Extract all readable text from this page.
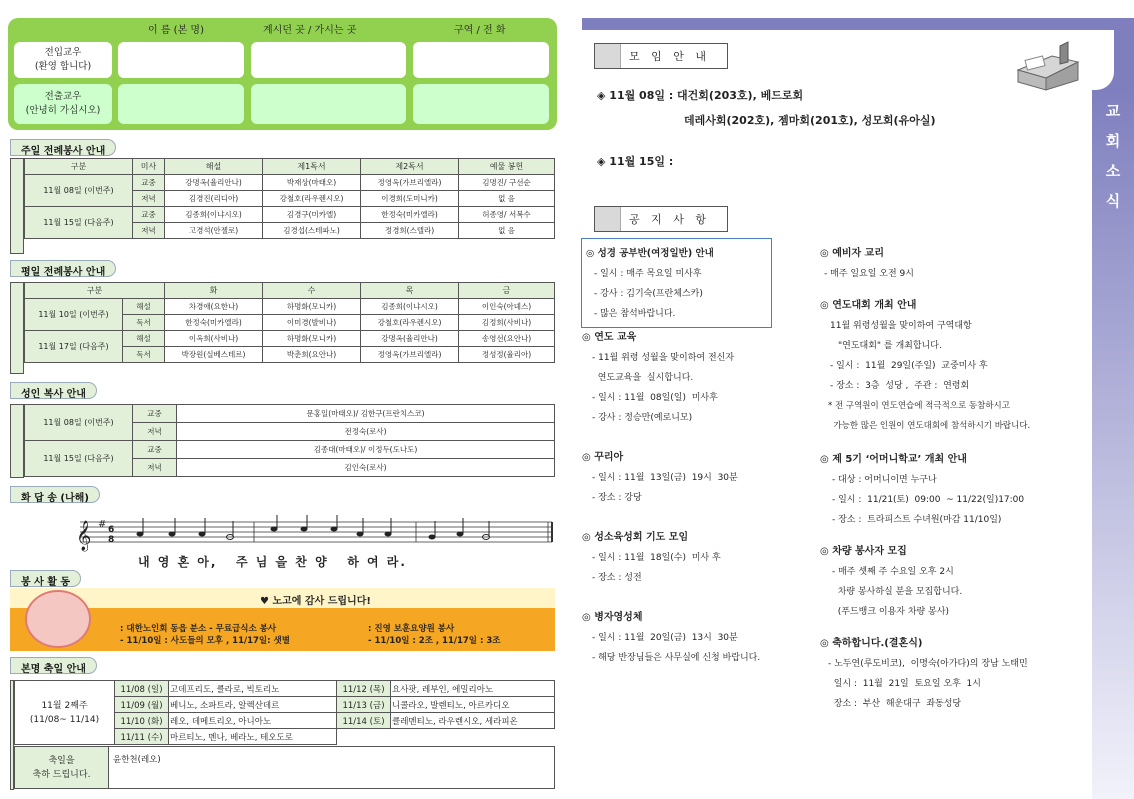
이 름 (본 명)	계시던 곳 / 가시는 곳	구역 / 전 화
전입교우
(환영 합니다)
전출교우
(안녕히 가십시오)
주일 전례봉사 안내
구분	미사	해설	제1독서	제2독서	예물 봉헌
11월 08일 (이번주)	교중	강명옥(율리안나)	박재상(마태오)	정영옥(가브리엘라)	김명진/ 구선순
	저녁	김경진(리디아)	강철호(라우렌시오)	이경희(도미니카)	없 음
11월 15일 (다음주)	교중	김종희(이냐시오)	김경구(미카엘)	한정숙(미카엘라)	허종영/ 서복수
	저녁	고경석(안젤로)	김경섭(스테파노)	정경희(스텔라)	없 음
평일 전례봉사 안내
구분		화	수	목	금
11월 10일 (이번주)	해설	차경애(요한나)	하명화(모니카)	김종희(이냐시오)	이인숙(아녜스)
	독서	한정숙(미카엘라)	이미경(발비나)	강철호(라우렌시오)	김정희(사비나)
11월 17일 (다음주)	해설	이옥희(사비나)	하명화(모니카)	강명옥(율리안나)	송영선(요안나)
	독서	박장원(실베스테르)	박춘희(요안나)	정영옥(가브리엘라)	정성정(율리아)
성인 복사 안내
11월 08일 (이번주)	교중	문홍일(마태오)/ 김한구(프란치스코)
	저녁	전정숙(로사)
11월 15일 (다음주)	교중	김종대(마태오)/ 이정두(도나도)
	저녁	김인숙(로사)
화 답 송 (나해)
𝄞 # 6
8
내 영 혼 아,   주 님 을 찬 양   하 여 라.
봉 사 활 동
♥ 노고에 감사 드립니다!
: 대한노인회 동읍 분소 - 무료급식소 봉사
- 11/10일 : 사도들의 모후 , 11/17일: 샛별
: 진영 보훈요양원 봉사
- 11/10일 : 2조 , 11/17일 : 3조
본명 축일 안내
11월 2째주
(11/08~ 11/14)	11/08 (일)	고데프리도, 클라로, 빅토리노	11/12 (목)	요사팟, 레부인, 에밀리아노
	11/09 (월)	베니노, 소파트라, 알렉산데르	11/13 (금)	니콜라오, 발렌티노, 아르카디오
	11/10 (화)	레오, 데메트리오, 아니아노	11/14 (토)	클레멘티노, 라우렌시오, 세라피온
	11/11 (수)	마르티노, 멘나, 베라노, 테오도로		
축일을
축하 드립니다.
	윤한천(레오)
교
회
소
식
모 임 안 내
◈ 11월 08일 : 대건회(203호), 베드로회
데레사회(202호), 젬마회(201호), 성모회(유아실)
◈ 11월 15일 :
공 지 사 항
◎ 성경 공부반(여정일반) 안내
- 일시 : 매주 목요일 미사후
- 강사 : 김기숙(프란체스카)
- 많은 참석바랍니다.
◎ 연도 교육
- 11월 위령 성월을 맞이하여 전신자
연도교육을  실시합니다.
- 일시 : 11월  08일(일)  미사후
- 강사 : 정승만(예로니모)
◎ 꾸리아
- 일시 : 11월  13일(금)  19시  30분
- 장소 : 강당
◎ 성소육성회 기도 모임
- 일시 : 11월  18일(수)  미사 후
- 장소 : 성전
◎ 병자영성체
- 일시 : 11월  20일(금)  13시  30분
- 해당 반장님들은 사무실에 신청 바랍니다.
◎ 예비자 교리
- 매주 일요일 오전 9시
◎ 연도대회 개최 안내
11월 위령성월을 맞이하여 구역대항
"연도대회" 를 개최합니다.
- 일시 :  11월  29일(주일)  교중미사 후
- 장소 :  3층  성당 ,  주관 :  연령회
* 전 구역원이 연도연습에 적극적으로 동참하시고
가능한 많은 인원이 연도대회에 참석하시기 바랍니다.
◎ 제 5기 ‘어머니학교’ 개최 안내
- 대상 : 어머니이면 누구나
- 일시 :  11/21(토)  09:00  ~ 11/22(일)17:00
- 장소 :  트라피스트 수녀원(마감 11/10일)
◎ 차량 봉사자 모집
- 매주 셋째 주 수요일 오후 2시
차량 봉사하실 분을 모집합니다.
(푸드뱅크 이용자 차량 봉사)
◎ 축하합니다.(결혼식)
- 노두연(루도비코),  이명숙(아가다)의 장남 노태민
일시 :  11월  21일  토요일 오후  1시
장소 :  부산  해운대구  좌동성당
